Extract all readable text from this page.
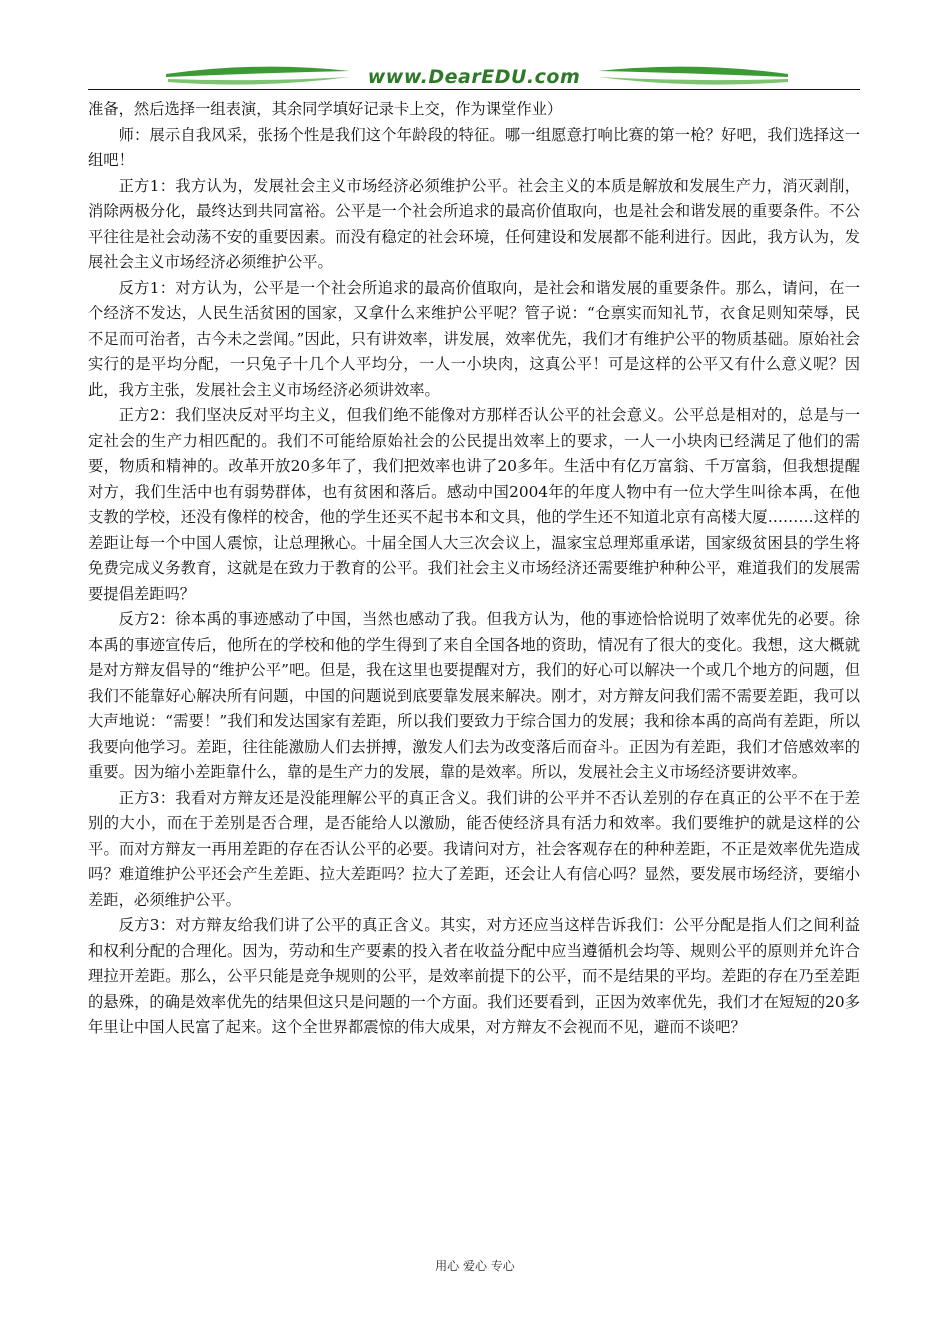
www.DearEDU.com

准备，然后选择一组表演，其余同学填好记录卡上交，作为课堂作业）

师：展示自我风采，张扬个性是我们这个年龄段的特征。哪一组愿意打响比赛的第一枪？好吧，我们选择这一组吧！

正方1：我方认为，发展社会主义市场经济必须维护公平。社会主义的本质是解放和发展生产力，消灭剥削，消除两极分化，最终达到共同富裕。公平是一个社会所追求的最高价值取向，也是社会和谐发展的重要条件。不公平往往是社会动荡不安的重要因素。而没有稳定的社会环境，任何建设和发展都不能利进行。因此，我方认为，发展社会主义市场经济必须维护公平。

反方1：对方认为，公平是一个社会所追求的最高价值取向，是社会和谐发展的重要条件。那么，请问，在一个经济不发达，人民生活贫困的国家，又拿什么来维护公平呢？管子说：“仓禀实而知礼节，衣食足则知荣辱，民不足而可治者，古今未之尝闻。”因此，只有讲效率，讲发展，效率优先，我们才有维护公平的物质基础。原始社会实行的是平均分配，一只兔子十几个人平均分，一人一小块肉，这真公平！可是这样的公平又有什么意义呢？因此，我方主张，发展社会主义市场经济必须讲效率。

正方2：我们坚决反对平均主义，但我们绝不能像对方那样否认公平的社会意义。公平总是相对的，总是与一定社会的生产力相匹配的。我们不可能给原始社会的公民提出效率上的要求，一人一小块肉已经满足了他们的需要，物质和精神的。改革开放20多年了，我们把效率也讲了20多年。生活中有亿万富翁、千万富翁，但我想提醒对方，我们生活中也有弱势群体，也有贫困和落后。感动中国2004年的年度人物中有一位大学生叫徐本禹，在他支教的学校，还没有像样的校舍，他的学生还买不起书本和文具，他的学生还不知道北京有高楼大厦………这样的差距让每一个中国人震惊，让总理揪心。十届全国人大三次会议上，温家宝总理郑重承诺，国家级贫困县的学生将免费完成义务教育，这就是在致力于教育的公平。我们社会主义市场经济还需要维护种种公平，难道我们的发展需要提倡差距吗？

反方2：徐本禹的事迹感动了中国，当然也感动了我。但我方认为，他的事迹恰恰说明了效率优先的必要。徐本禹的事迹宣传后，他所在的学校和他的学生得到了来自全国各地的资助，情况有了很大的变化。我想，这大概就是对方辩友倡导的“维护公平”吧。但是，我在这里也要提醒对方，我们的好心可以解决一个或几个地方的问题，但我们不能靠好心解决所有问题，中国的问题说到底要靠发展来解决。刚才，对方辩友问我们需不需要差距，我可以大声地说：“需要！”我们和发达国家有差距，所以我们要致力于综合国力的发展；我和徐本禹的高尚有差距，所以我要向他学习。差距，往往能激励人们去拼搏，激发人们去为改变落后而奋斗。正因为有差距，我们才倍感效率的重要。因为缩小差距靠什么，靠的是生产力的发展，靠的是效率。所以，发展社会主义市场经济要讲效率。

正方3：我看对方辩友还是没能理解公平的真正含义。我们讲的公平并不否认差别的存在真正的公平不在于差别的大小，而在于差别是否合理，是否能给人以激励，能否使经济具有活力和效率。我们要维护的就是这样的公平。而对方辩友一再用差距的存在否认公平的必要。我请问对方，社会客观存在的种种差距，不正是效率优先造成吗？难道维护公平还会产生差距、拉大差距吗？拉大了差距，还会让人有信心吗？显然，要发展市场经济，要缩小差距，必须维护公平。

反方3：对方辩友给我们讲了公平的真正含义。其实，对方还应当这样告诉我们：公平分配是指人们之间利益和权利分配的合理化。因为，劳动和生产要素的投入者在收益分配中应当遵循机会均等、规则公平的原则并允许合理拉开差距。那么，公平只能是竞争规则的公平，是效率前提下的公平，而不是结果的平均。差距的存在乃至差距的悬殊，的确是效率优先的结果但这只是问题的一个方面。我们还要看到，正因为效率优先，我们才在短短的20多年里让中国人民富了起来。这个全世界都震惊的伟大成果，对方辩友不会视而不见，避而不谈吧？

用心 爱心 专心
